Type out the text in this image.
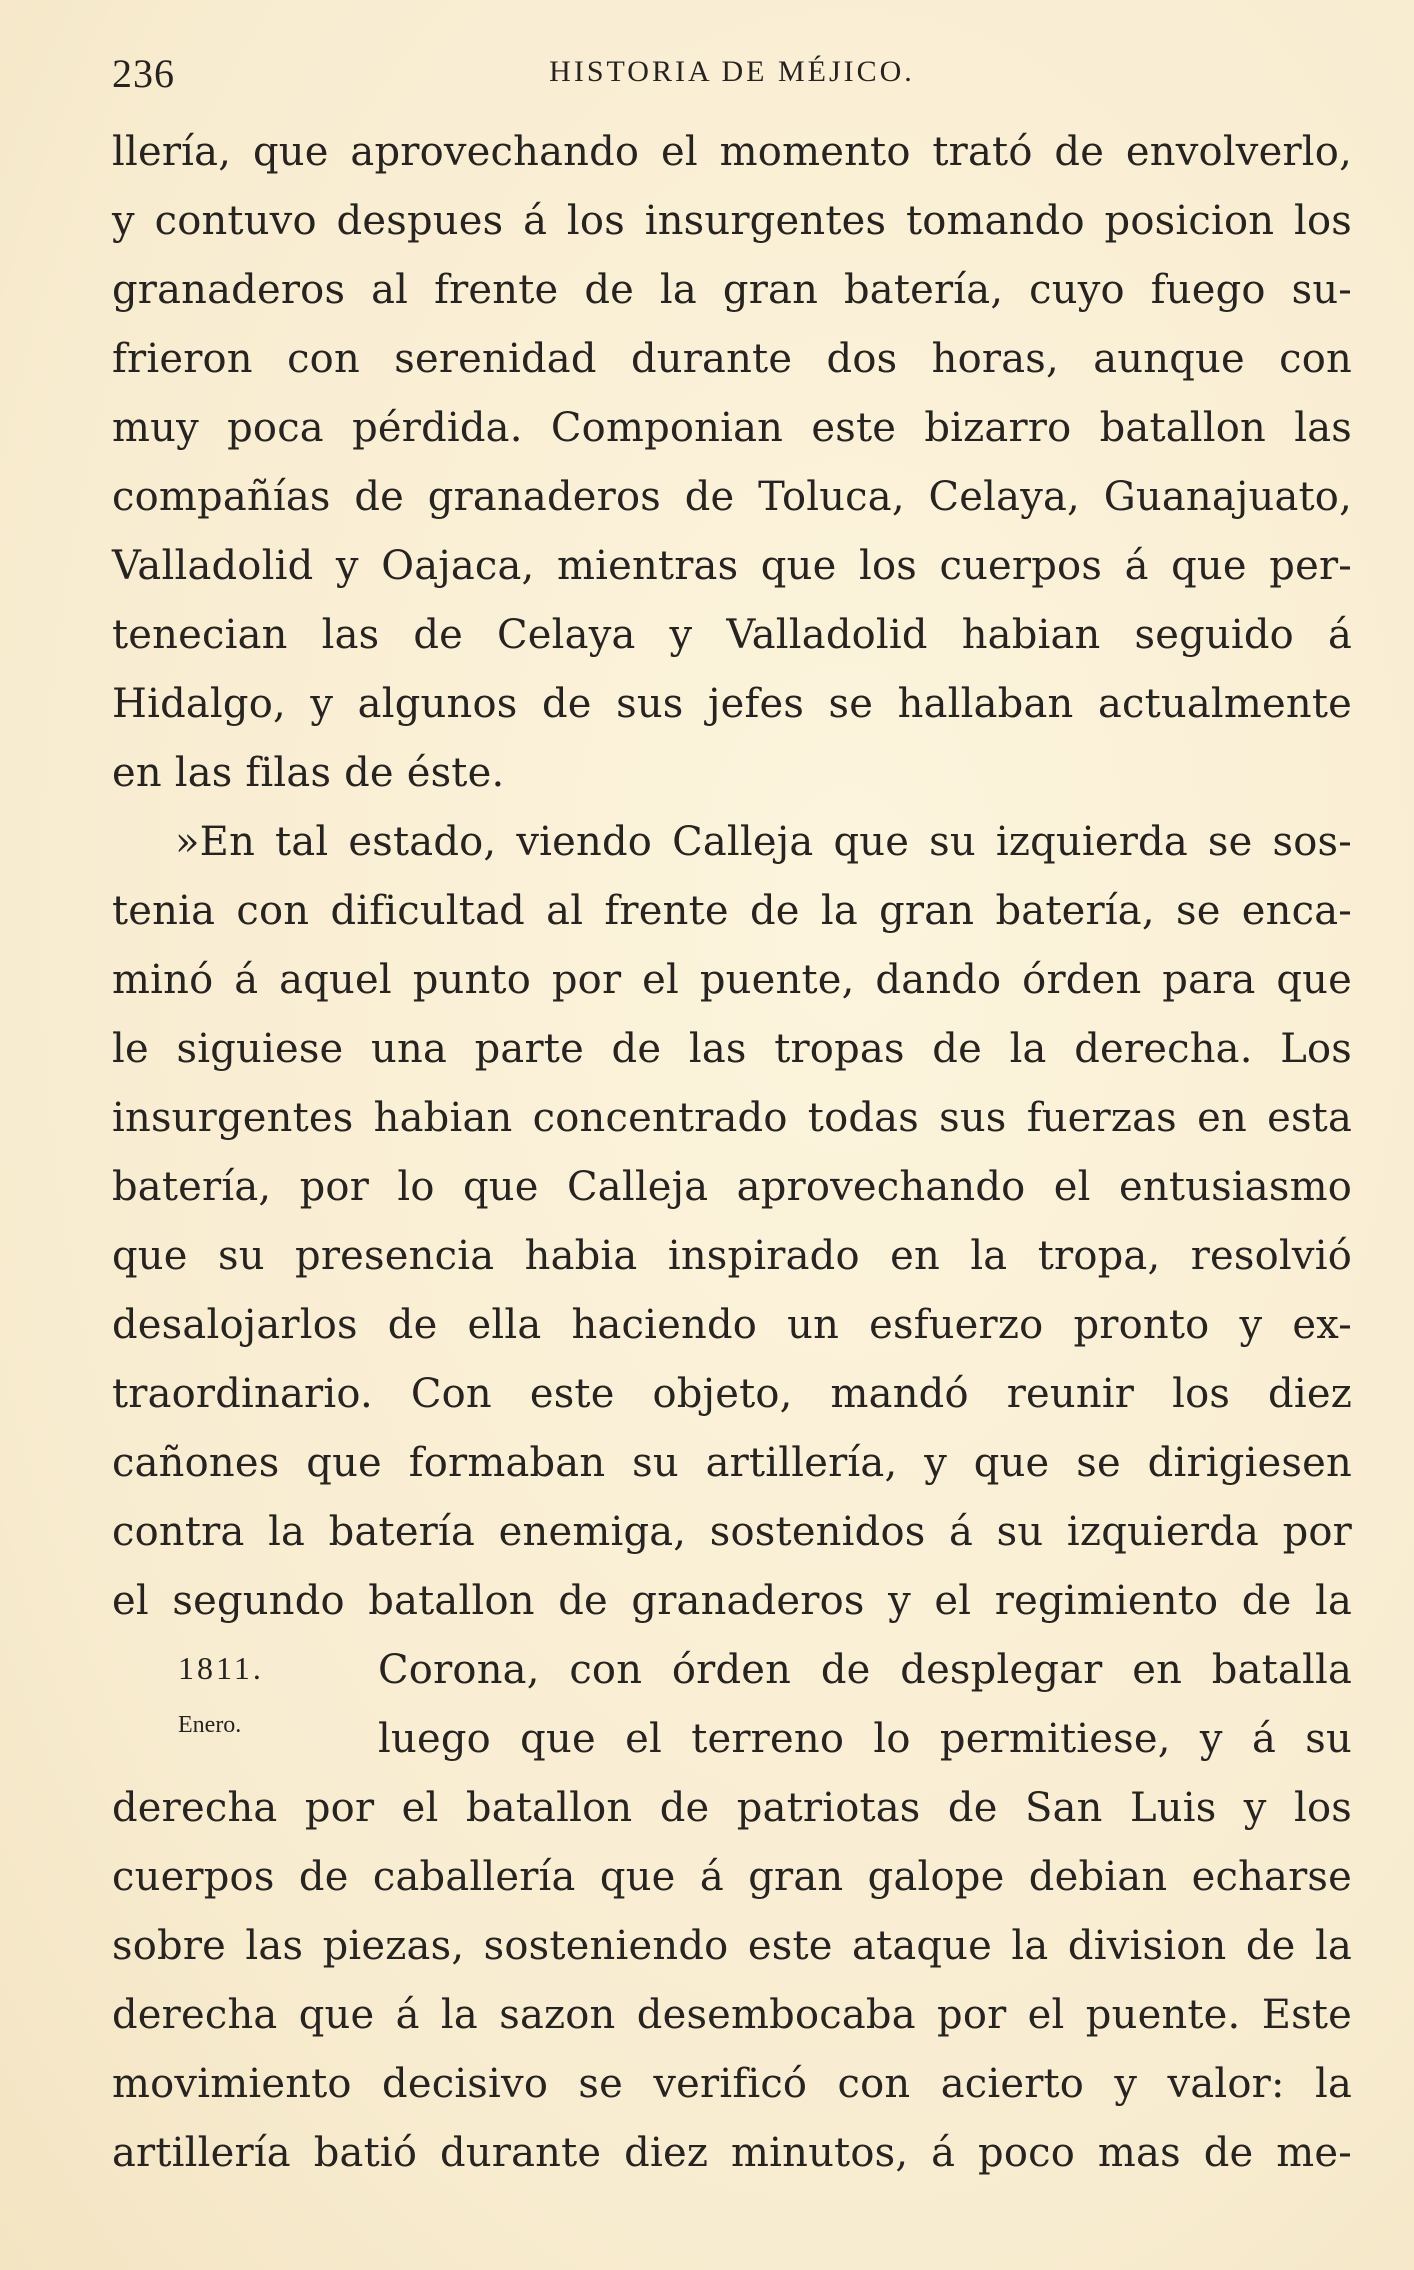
236	HISTORIA DE MÉJICO.
1811.
Enero.
llería, que aprovechando el momento trató de envolverlo,
y contuvo despues á los insurgentes tomando posicion los
granaderos al frente de la gran batería, cuyo fuego su-
frieron con serenidad durante dos horas, aunque con
muy poca pérdida. Componian este bizarro batallon las
compañías de granaderos de Toluca, Celaya, Guanajuato,
Valladolid y Oajaca, mientras que los cuerpos á que per-
tenecian las de Celaya y Valladolid habian seguido á
Hidalgo, y algunos de sus jefes se hallaban actualmente
en las filas de éste.
»En tal estado, viendo Calleja que su izquierda se sos-
tenia con dificultad al frente de la gran batería, se enca-
minó á aquel punto por el puente, dando órden para que
le siguiese una parte de las tropas de la derecha. Los
insurgentes habian concentrado todas sus fuerzas en esta
batería, por lo que Calleja aprovechando el entusiasmo
que su presencia habia inspirado en la tropa, resolvió
desalojarlos de ella haciendo un esfuerzo pronto y ex-
traordinario. Con este objeto, mandó reunir los diez
cañones que formaban su artillería, y que se dirigiesen
contra la batería enemiga, sostenidos á su izquierda por
el segundo batallon de granaderos y el regimiento de la
Corona, con órden de desplegar en batalla
luego que el terreno lo permitiese, y á su
derecha por el batallon de patriotas de San Luis y los
cuerpos de caballería que á gran galope debian echarse
sobre las piezas, sosteniendo este ataque la division de la
derecha que á la sazon desembocaba por el puente. Este
movimiento decisivo se verificó con acierto y valor: la
artillería batió durante diez minutos, á poco mas de me-
